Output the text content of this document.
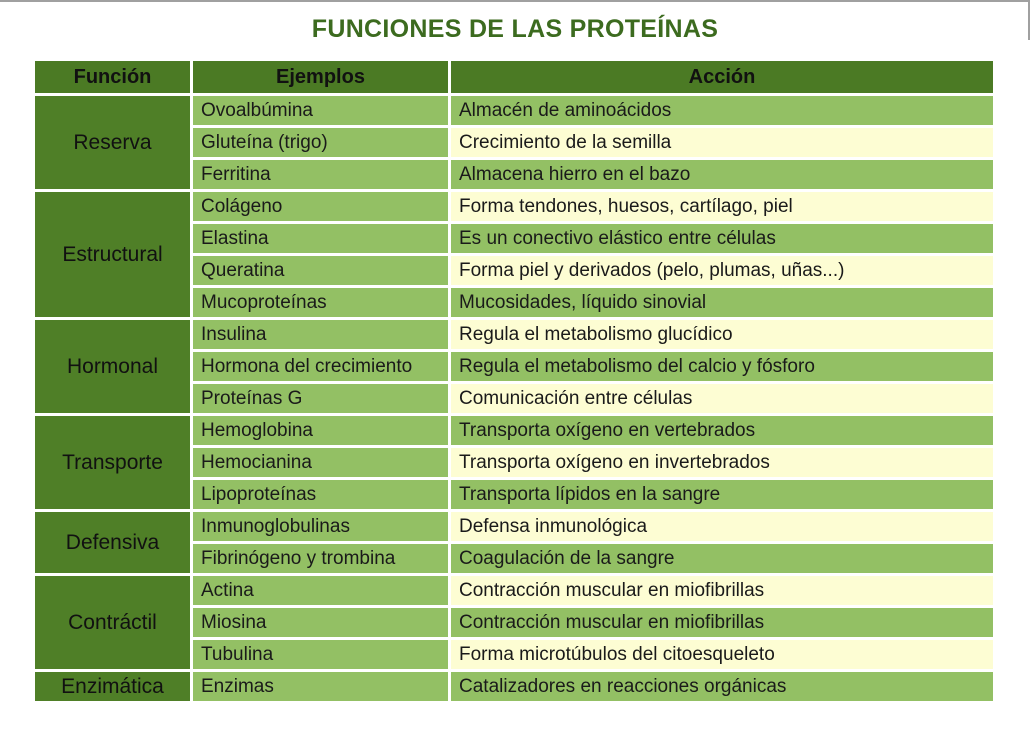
FUNCIONES DE LAS PROTEÍNAS
Función	Ejemplos	Acción
Reserva	Ovoalbúmina	Almacén de aminoácidos
	Gluteína (trigo)	Crecimiento de la semilla
	Ferritina	Almacena hierro en el bazo
Estructural	Colágeno	Forma tendones, huesos, cartílago, piel
	Elastina	Es un conectivo elástico entre células
	Queratina	Forma piel y derivados (pelo, plumas, uñas...)
	Mucoproteínas	Mucosidades, líquido sinovial
Hormonal	Insulina	Regula el metabolismo glucídico
	Hormona del crecimiento	Regula el metabolismo del calcio y fósforo
	Proteínas G	Comunicación entre células
Transporte	Hemoglobina	Transporta oxígeno en vertebrados
	Hemocianina	Transporta oxígeno en invertebrados
	Lipoproteínas	Transporta lípidos en la sangre
Defensiva	Inmunoglobulinas	Defensa inmunológica
	Fibrinógeno y trombina	Coagulación de la sangre
Contráctil	Actina	Contracción muscular en miofibrillas
	Miosina	Contracción muscular en miofibrillas
	Tubulina	Forma microtúbulos del citoesqueleto
Enzimática	Enzimas	Catalizadores en reacciones orgánicas
